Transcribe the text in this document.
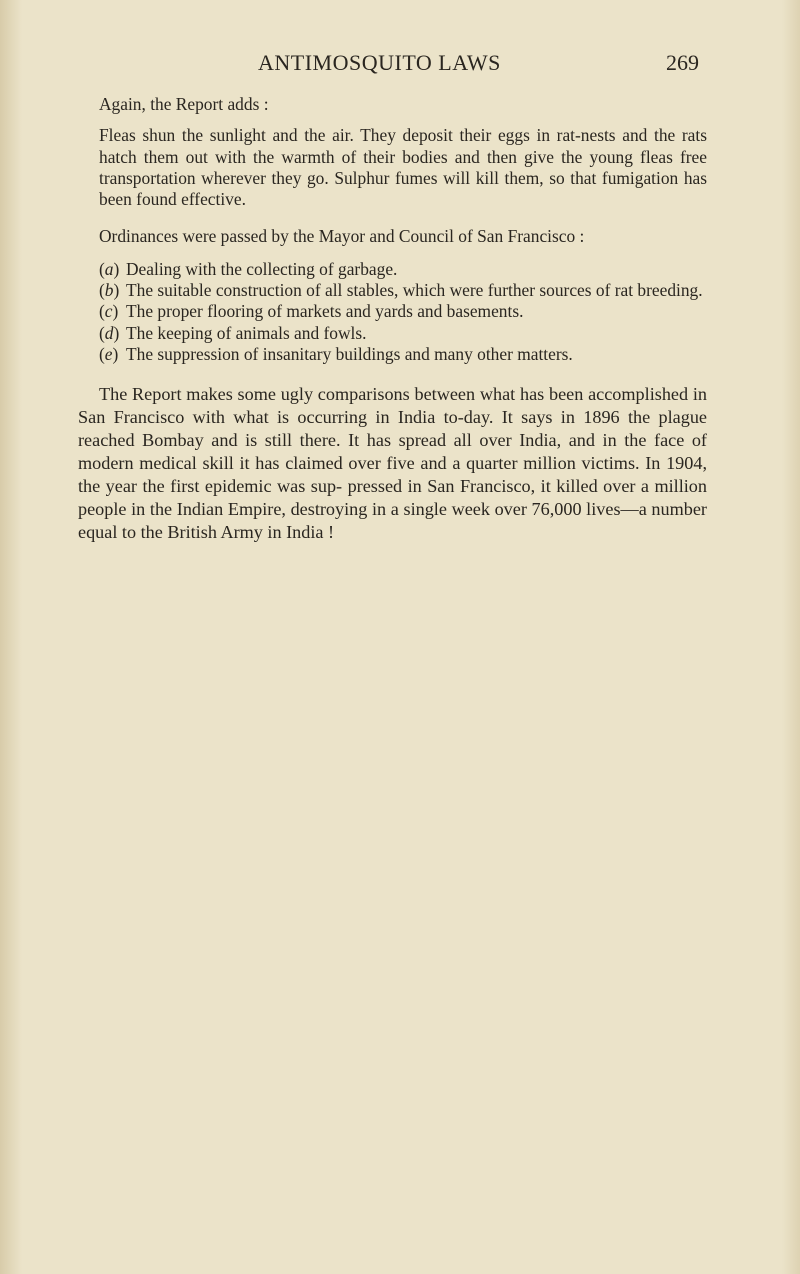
ANTIMOSQUITO LAWS	269

Again, the Report adds :

Fleas shun the sunlight and the air. They deposit their eggs in rat-nests and the rats hatch them out with the warmth of their bodies and then give the young fleas free transportation wherever they go. Sulphur fumes will kill them, so that fumigation has been found effective.

Ordinances were passed by the Mayor and Council of San Francisco :

(a) Dealing with the collecting of garbage.
(b) The suitable construction of all stables, which were further sources of rat breeding.
(c) The proper flooring of markets and yards and basements.
(d) The keeping of animals and fowls.
(e) The suppression of insanitary buildings and many other matters.

The Report makes some ugly comparisons between what has been accomplished in San Francisco with what is occurring in India to-day. It says in 1896 the plague reached Bombay and is still there. It has spread all over India, and in the face of modern medical skill it has claimed over five and a quarter million victims. In 1904, the year the first epidemic was sup- pressed in San Francisco, it killed over a million people in the Indian Empire, destroying in a single week over 76,000 lives—a number equal to the British Army in India !
